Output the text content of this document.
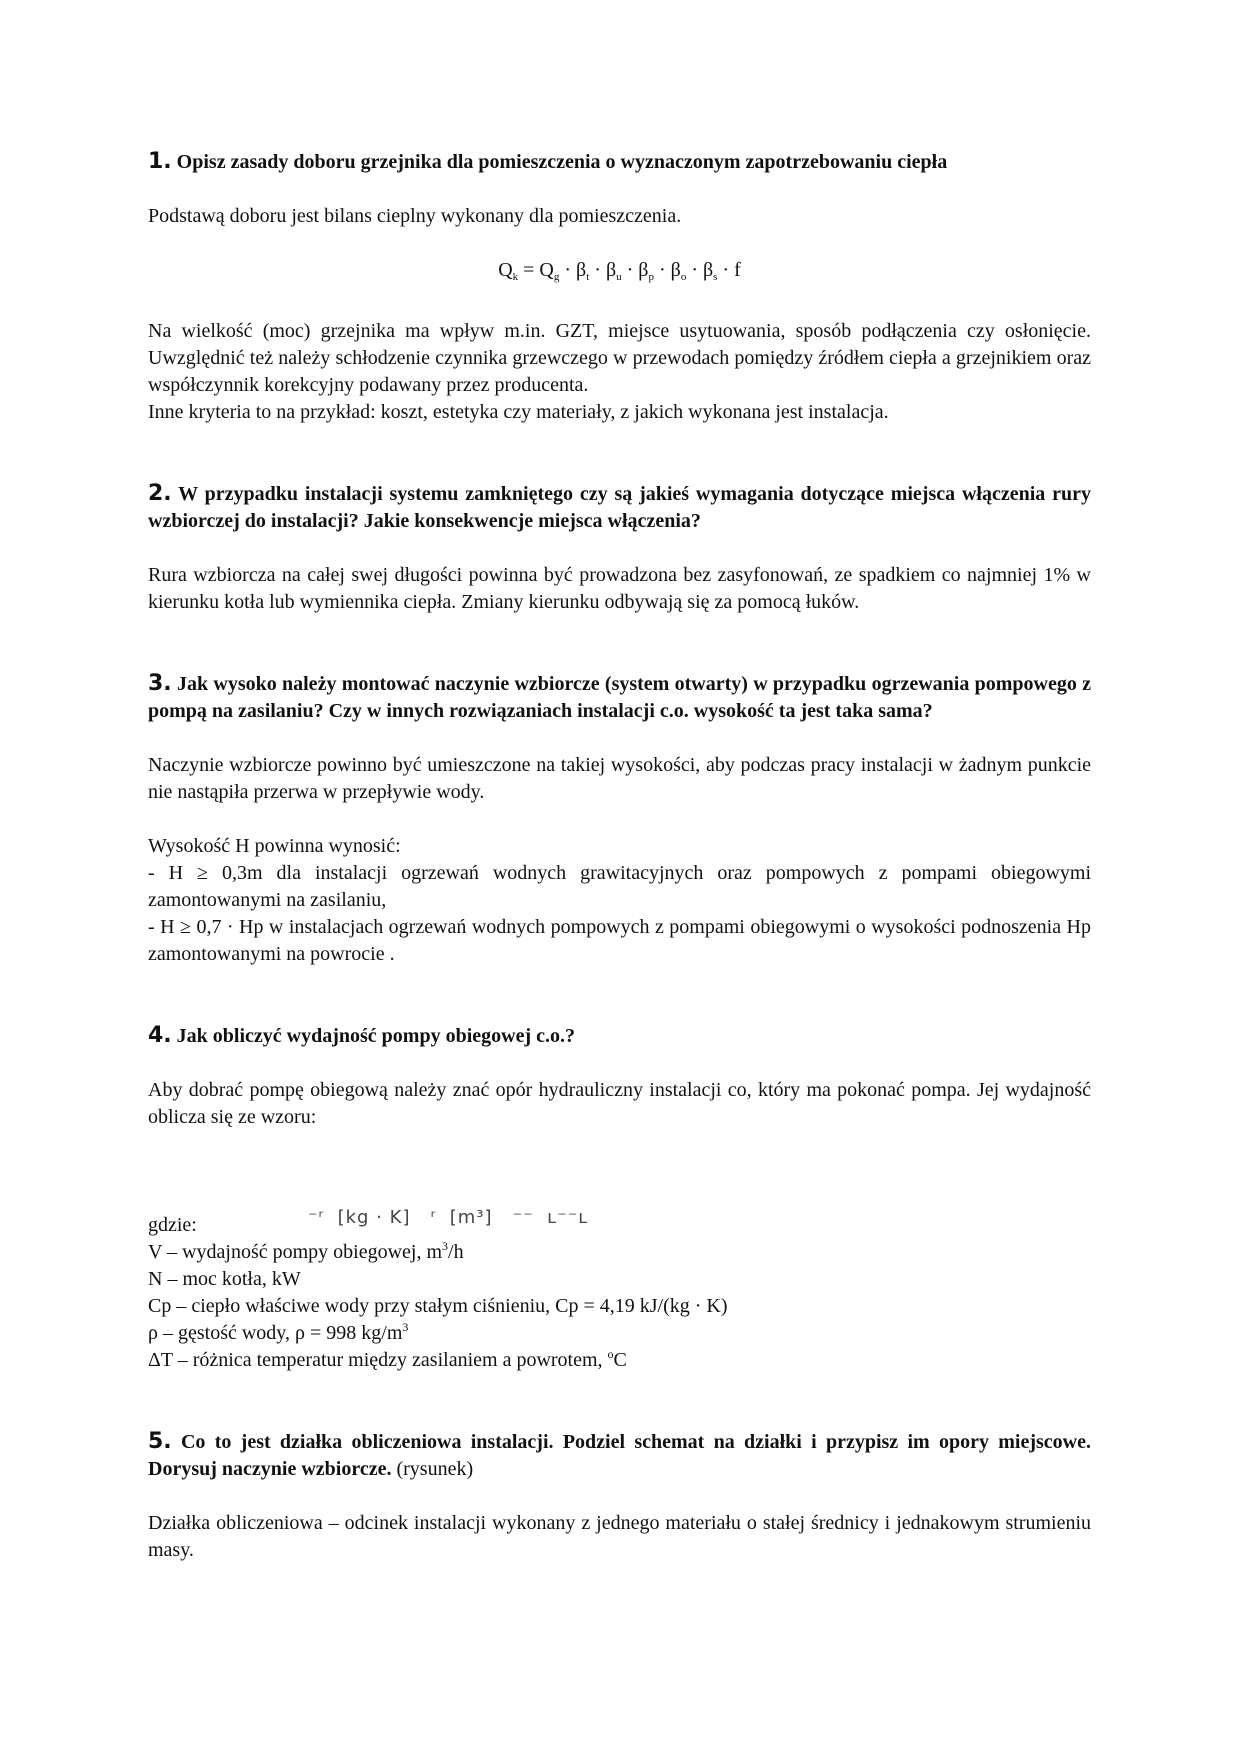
1. Opisz zasady doboru grzejnika dla pomieszczenia o wyznaczonym zapotrzebowaniu ciepła

Podstawą doboru jest bilans cieplny wykonany dla pomieszczenia.

$Q_k = Q_g \cdot \beta_t \cdot \beta_u \cdot \beta_p \cdot \beta_o \cdot \beta_s \cdot f$

Na wielkość (moc) grzejnika ma wpływ m.in. GZT, miejsce usytuowania, sposób podłączenia czy osłonięcie. Uwzględnić też należy schłodzenie czynnika grzewczego w przewodach pomiędzy źródłem ciepła a grzejnikiem oraz współczynnik korekcyjny podawany przez producenta.

Inne kryteria to na przykład: koszt, estetyka czy materiały, z jakich wykonana jest instalacja.

2. W przypadku instalacji systemu zamkniętego czy są jakieś wymagania dotyczące miejsca włączenia rury wzbiorczej do instalacji? Jakie konsekwencje miejsca włączenia?

Rura wzbiorcza na całej swej długości powinna być prowadzona bez zasyfonowań, ze spadkiem co najmniej 1% w kierunku kotła lub wymiennika ciepła. Zmiany kierunku odbywają się za pomocą łuków.

3. Jak wysoko należy montować naczynie wzbiorcze (system otwarty) w przypadku ogrzewania pompowego z pompą na zasilaniu? Czy w innych rozwiązaniach instalacji c.o. wysokość ta jest taka sama?

Naczynie wzbiorcze powinno być umieszczone na takiej wysokości, aby podczas pracy instalacji w żadnym punkcie nie nastąpiła przerwa w przepływie wody.

Wysokość H powinna wynosić:

- H ≥ 0,3m dla instalacji ogrzewań wodnych grawitacyjnych oraz pompowych z pompami obiegowymi zamontowanymi na zasilaniu,

- H ≥ 0,7 · Hp w instalacjach ogrzewań wodnych pompowych z pompami obiegowymi o wysokości podnoszenia Hp zamontowanymi na powrocie .

4. Jak obliczyć wydajność pompy obiegowej c.o.?

Aby dobrać pompę obiegową należy znać opór hydrauliczny instalacji co, który ma pokonać pompa. Jej wydajność oblicza się ze wzoru:

gdzie:	⁻ʳ  [kg · K]   ʳ  [m³]   ⁻⁻  ʟ⁻⁻ʟ

V – wydajność pompy obiegowej, $m^3/h$

N – moc kotła, kW

Cp – ciepło właściwe wody przy stałym ciśnieniu, Cp = 4,19 kJ/(kg · K)

ρ – gęstość wody, ρ = 998 $kg/m^3$

ΔT – różnica temperatur między zasilaniem a powrotem, $^o$C

5. Co to jest działka obliczeniowa instalacji. Podziel schemat na działki i przypisz im opory miejscowe. Dorysuj naczynie wzbiorcze. (rysunek)

Działka obliczeniowa – odcinek instalacji wykonany z jednego materiału o stałej średnicy i jednakowym strumieniu masy.
